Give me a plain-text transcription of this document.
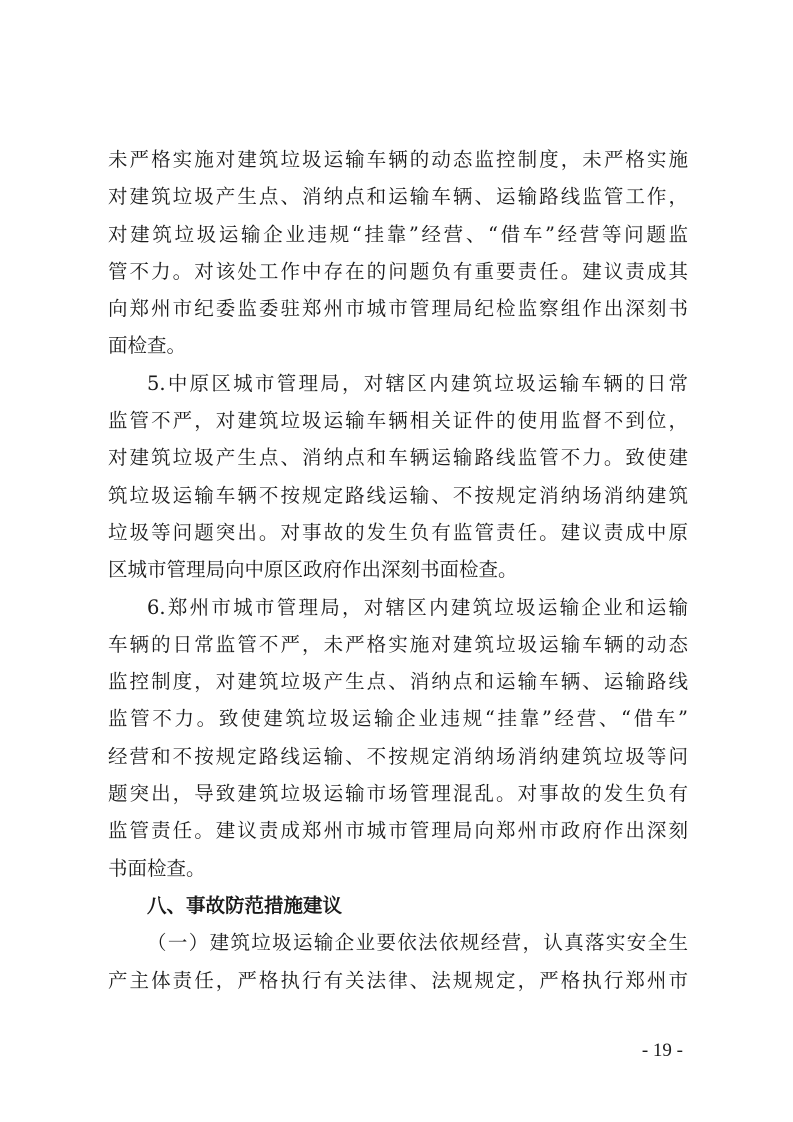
未严格实施对建筑垃圾运输车辆的动态监控制度，未严格实施
对建筑垃圾产生点、消纳点和运输车辆、运输路线监管工作，
对建筑垃圾运输企业违规“挂靠”经营、“借车”经营等问题监
管不力。对该处工作中存在的问题负有重要责任。建议责成其
向郑州市纪委监委驻郑州市城市管理局纪检监察组作出深刻书
面检查。
5.中原区城市管理局，对辖区内建筑垃圾运输车辆的日常
监管不严，对建筑垃圾运输车辆相关证件的使用监督不到位，
对建筑垃圾产生点、消纳点和车辆运输路线监管不力。致使建
筑垃圾运输车辆不按规定路线运输、不按规定消纳场消纳建筑
垃圾等问题突出。对事故的发生负有监管责任。建议责成中原
区城市管理局向中原区政府作出深刻书面检查。
6.郑州市城市管理局，对辖区内建筑垃圾运输企业和运输
车辆的日常监管不严，未严格实施对建筑垃圾运输车辆的动态
监控制度，对建筑垃圾产生点、消纳点和运输车辆、运输路线
监管不力。致使建筑垃圾运输企业违规“挂靠”经营、“借车”
经营和不按规定路线运输、不按规定消纳场消纳建筑垃圾等问
题突出，导致建筑垃圾运输市场管理混乱。对事故的发生负有
监管责任。建议责成郑州市城市管理局向郑州市政府作出深刻
书面检查。
八、事故防范措施建议
（一）建筑垃圾运输企业要依法依规经营，认真落实安全生
产主体责任，严格执行有关法律、法规规定，严格执行郑州市
- 19 -
